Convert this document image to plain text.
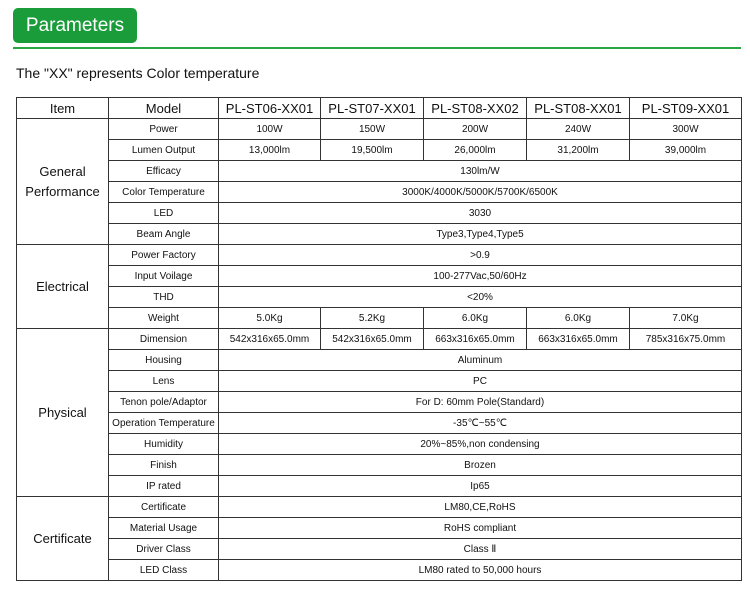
Parameters
The "XX" represents Color temperature
Item	Model	PL-ST06-XX01	PL-ST07-XX01	PL-ST08-XX02	PL-ST08-XX01	PL-ST09-XX01
General Performance	Power	100W	150W	200W	240W	300W
	Lumen Output	13,000lm	19,500lm	26,000lm	31,200lm	39,000lm
	Efficacy	130lm/W				
	Color Temperature	3000K/4000K/5000K/5700K/6500K				
	LED	3030				
	Beam Angle	Type3,Type4,Type5				
Electrical	Power Factory	>0.9				
	Input Voilage	100-277Vac,50/60Hz				
	THD	<20%				
	Weight	5.0Kg	5.2Kg	6.0Kg	6.0Kg	7.0Kg
Physical	Dimension	542x316x65.0mm	542x316x65.0mm	663x316x65.0mm	663x316x65.0mm	785x316x75.0mm
	Housing	Aluminum				
	Lens	PC				
	Tenon pole/Adaptor	For D: 60mm Pole(Standard)				
	Operation Temperature	-35℃~55℃				
	Humidity	20%~85%,non condensing				
	Finish	Brozen				
	IP rated	Ip65				
Certificate	Certificate	LM80,CE,RoHS				
	Material Usage	RoHS compliant				
	Driver Class	Class Ⅱ				
	LED Class	LM80 rated to 50,000 hours				
